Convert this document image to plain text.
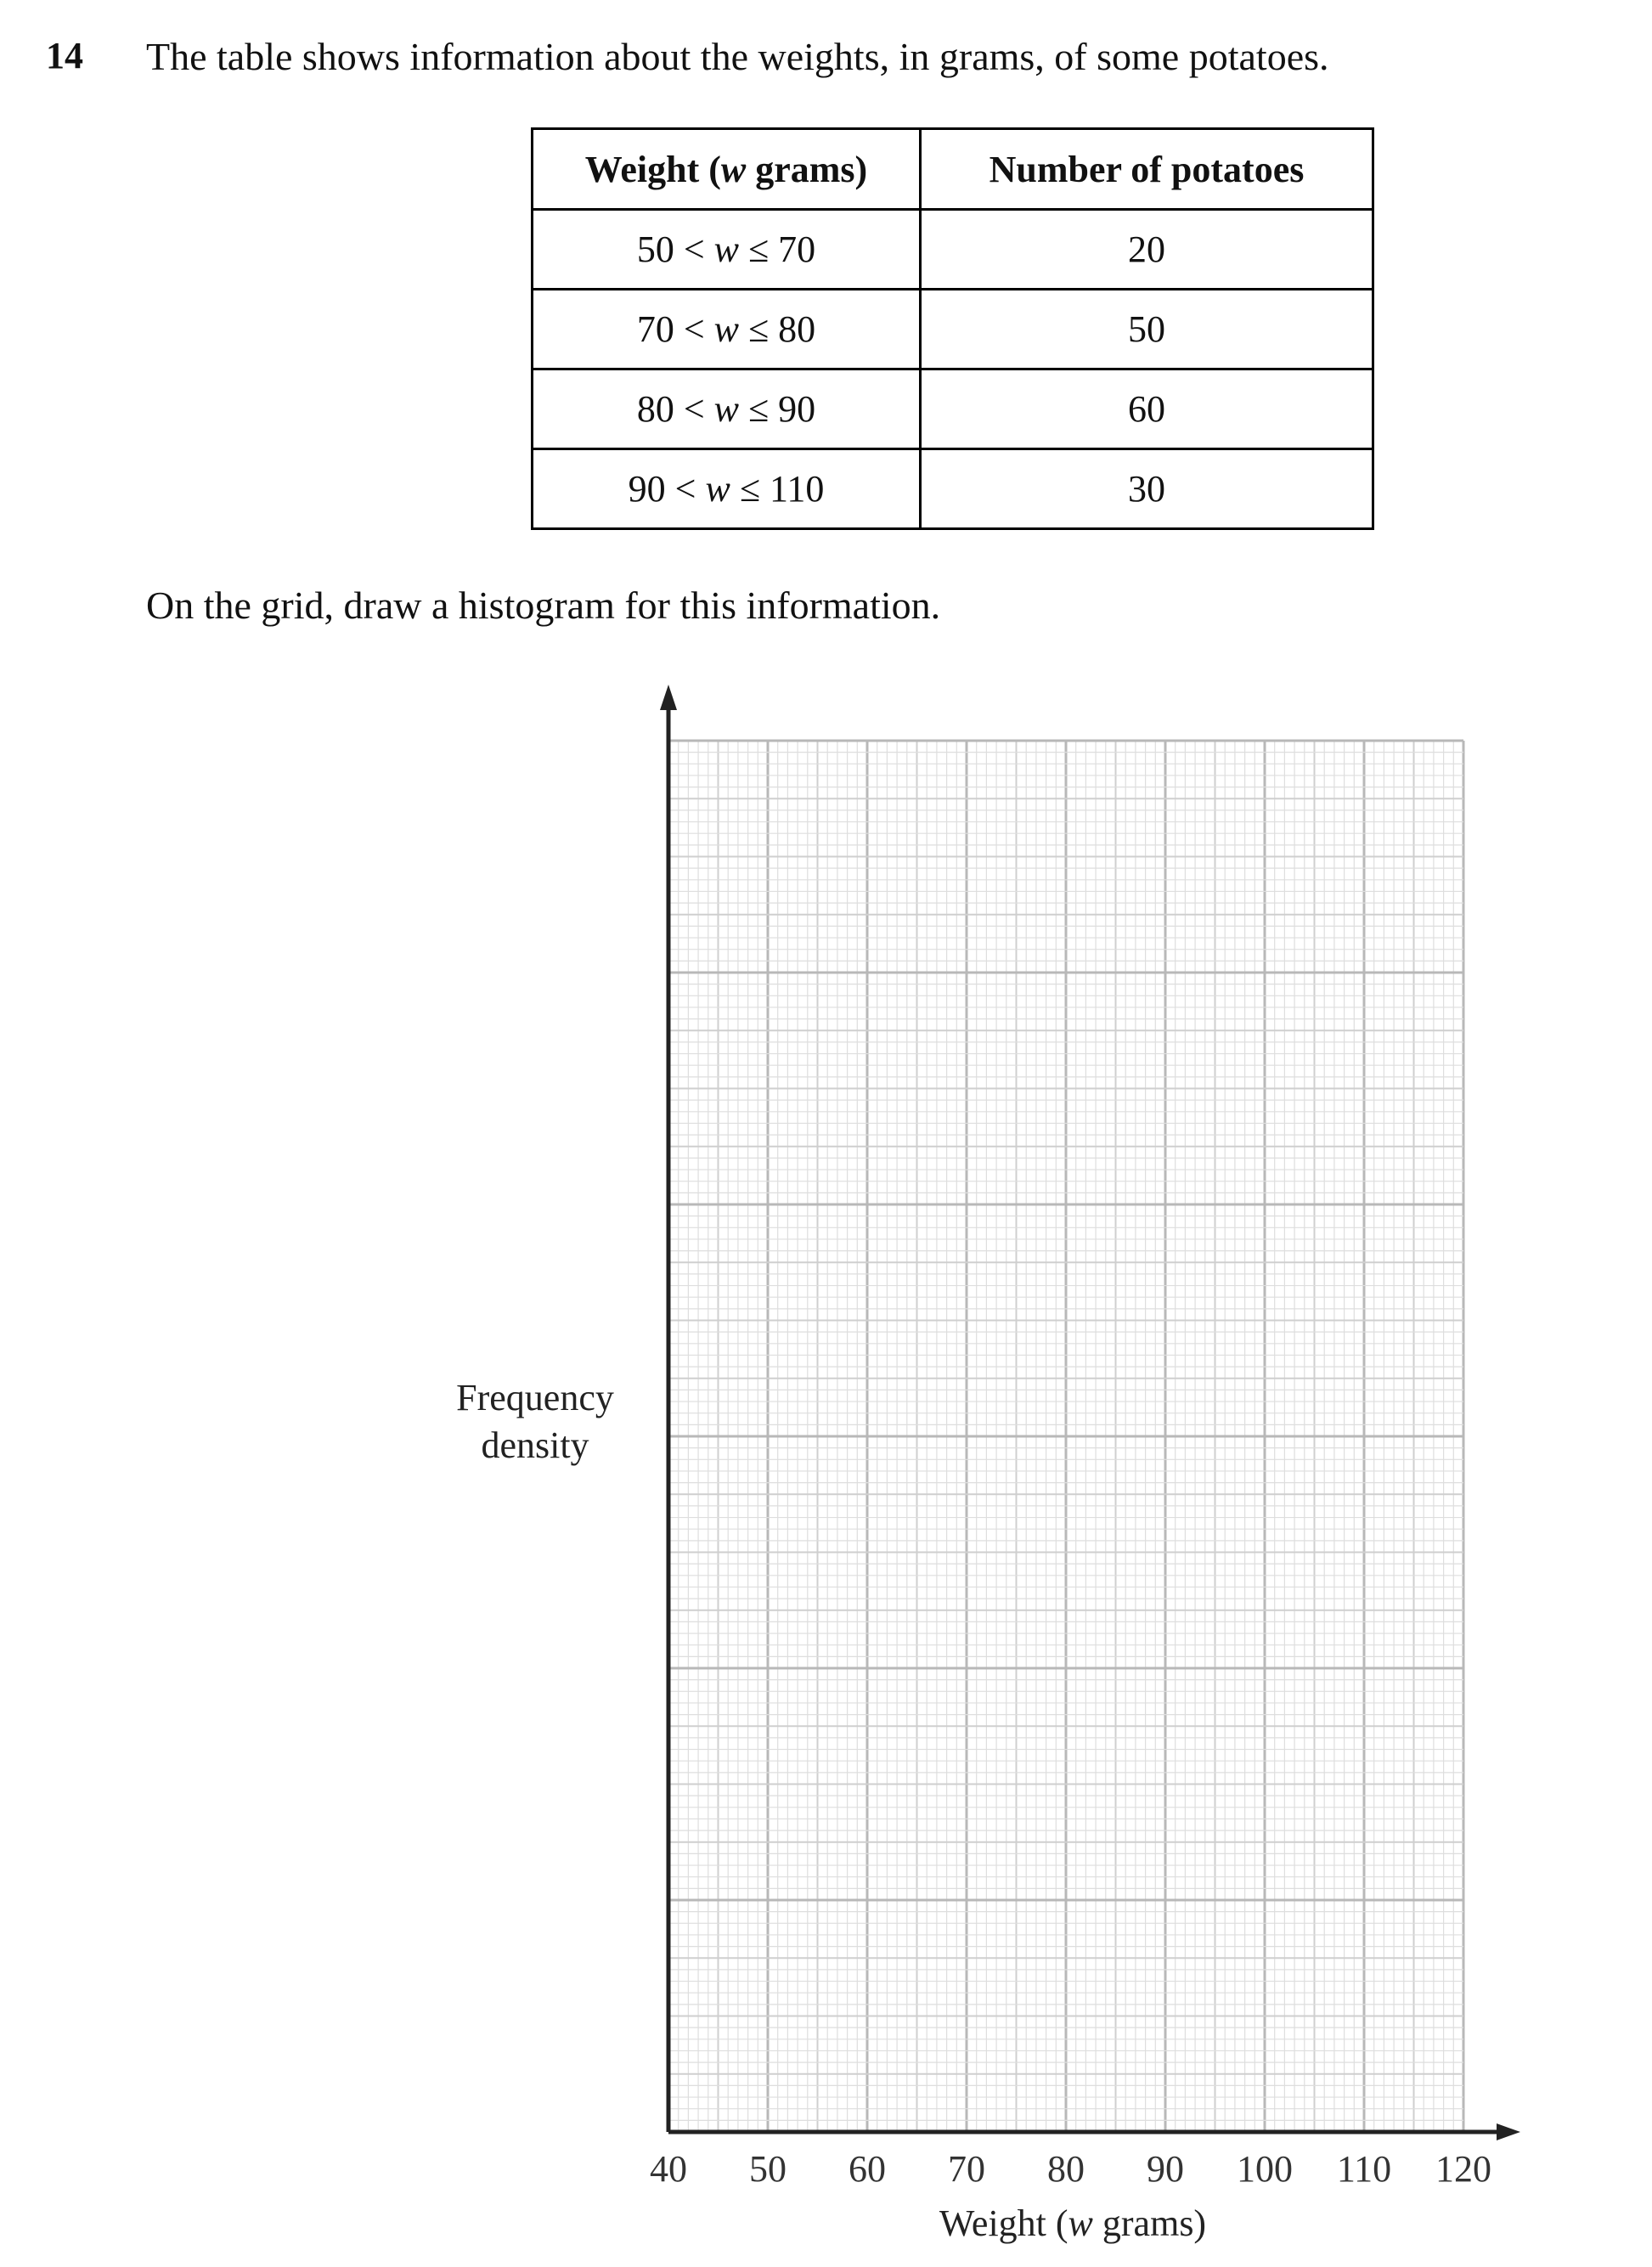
14 The table shows information about the weights, in grams, of some potatoes.
Weight (w grams)	Number of potatoes
50 < w ≤ 70	20
70 < w ≤ 80	50
80 < w ≤ 90	60
90 < w ≤ 110	30
On the grid, draw a histogram for this information.
40 50 60 70 80 90 100 110 120
Frequency
density
Weight (w grams)
